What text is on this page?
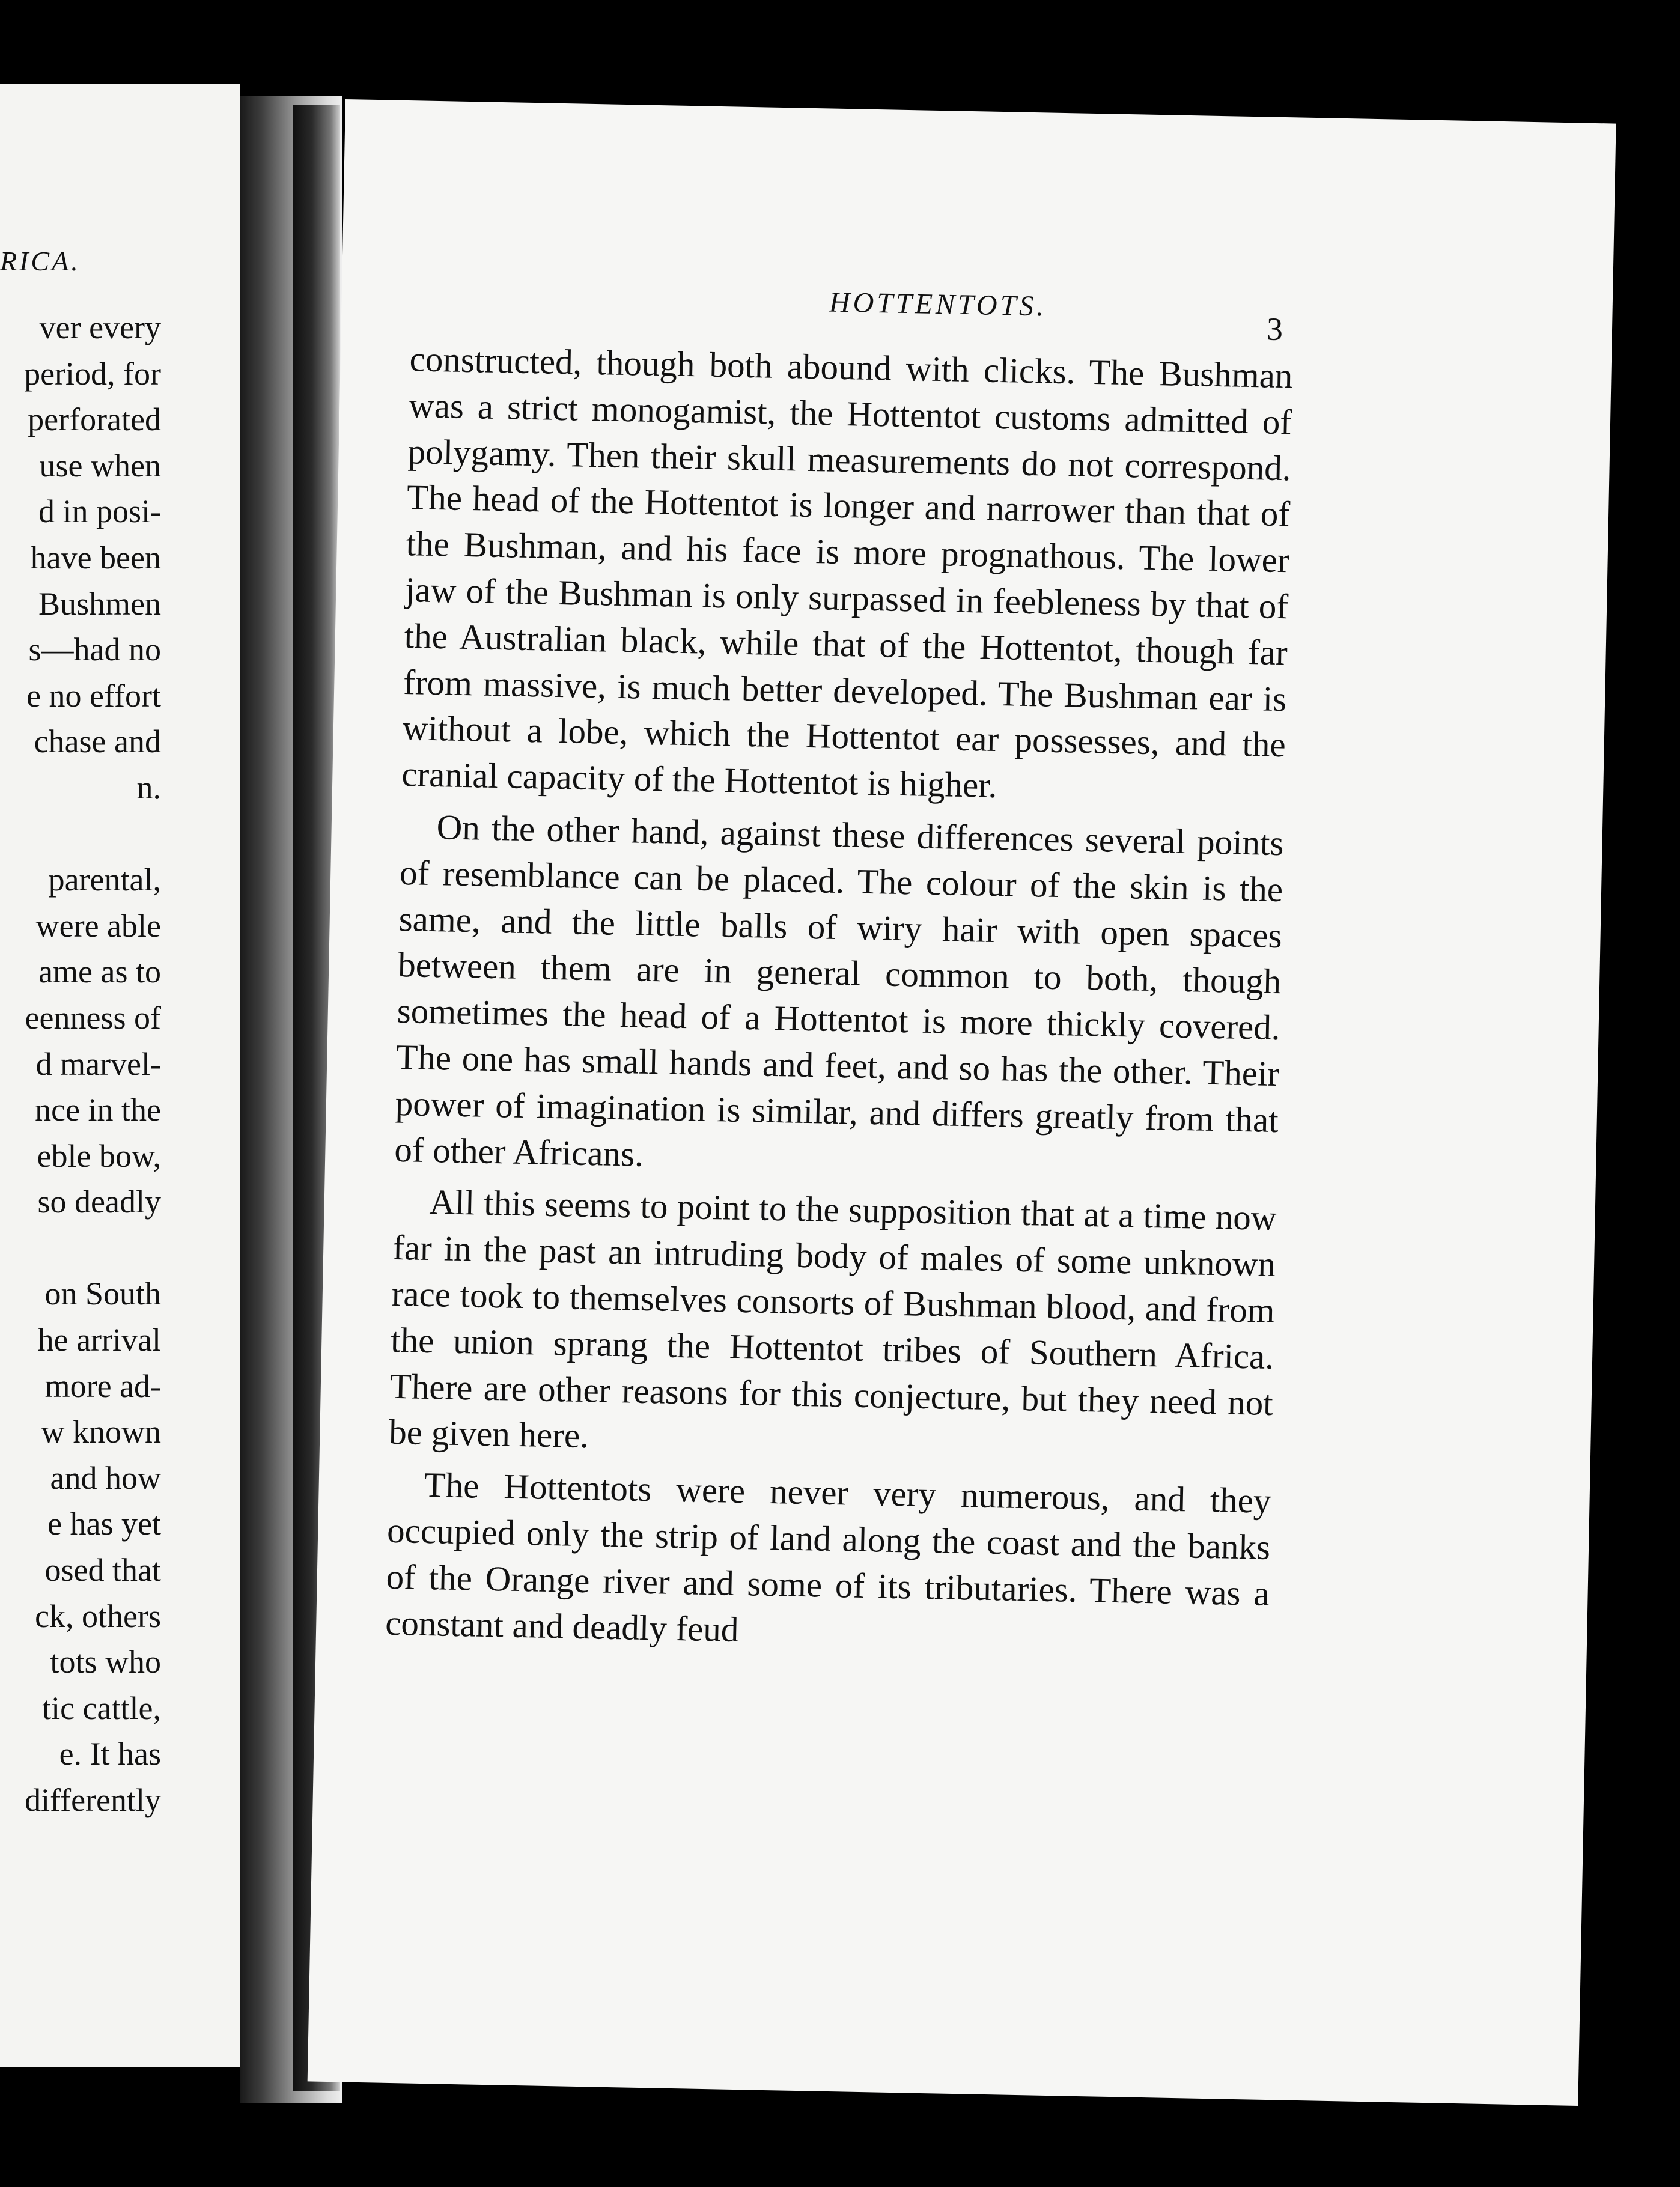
RICA.
ver every
period, for
perforated
use when
d in posi-
have been
Bushmen
s—had no
e no effort
chase and
n.
parental,
were able
ame as to
eenness of
d marvel-
nce in the
eble bow,
so deadly
on South
he arrival
more ad-
w known
and how
e has yet
osed that
ck, others
tots who
tic cattle,
e. It has
differently
HOTTENTOTS.
3

constructed, though both abound with clicks. The Bushman was a strict monogamist, the Hottentot customs admitted of polygamy. Then their skull measurements do not correspond. The head of the Hottentot is longer and narrower than that of the Bushman, and his face is more prognathous. The lower jaw of the Bushman is only surpassed in feebleness by that of the Australian black, while that of the Hottentot, though far from massive, is much better developed. The Bushman ear is without a lobe, which the Hottentot ear possesses, and the cranial capacity of the Hottentot is higher.

On the other hand, against these differences several points of resemblance can be placed. The colour of the skin is the same, and the little balls of wiry hair with open spaces between them are in general common to both, though sometimes the head of a Hottentot is more thickly covered. The one has small hands and feet, and so has the other. Their power of imagination is similar, and differs greatly from that of other Africans.

All this seems to point to the supposition that at a time now far in the past an intruding body of males of some unknown race took to themselves consorts of Bushman blood, and from the union sprang the Hottentot tribes of Southern Africa. There are other reasons for this conjecture, but they need not be given here.

The Hottentots were never very numerous, and they occupied only the strip of land along the coast and the banks of the Orange river and some of its tributaries. There was a constant and deadly feud
